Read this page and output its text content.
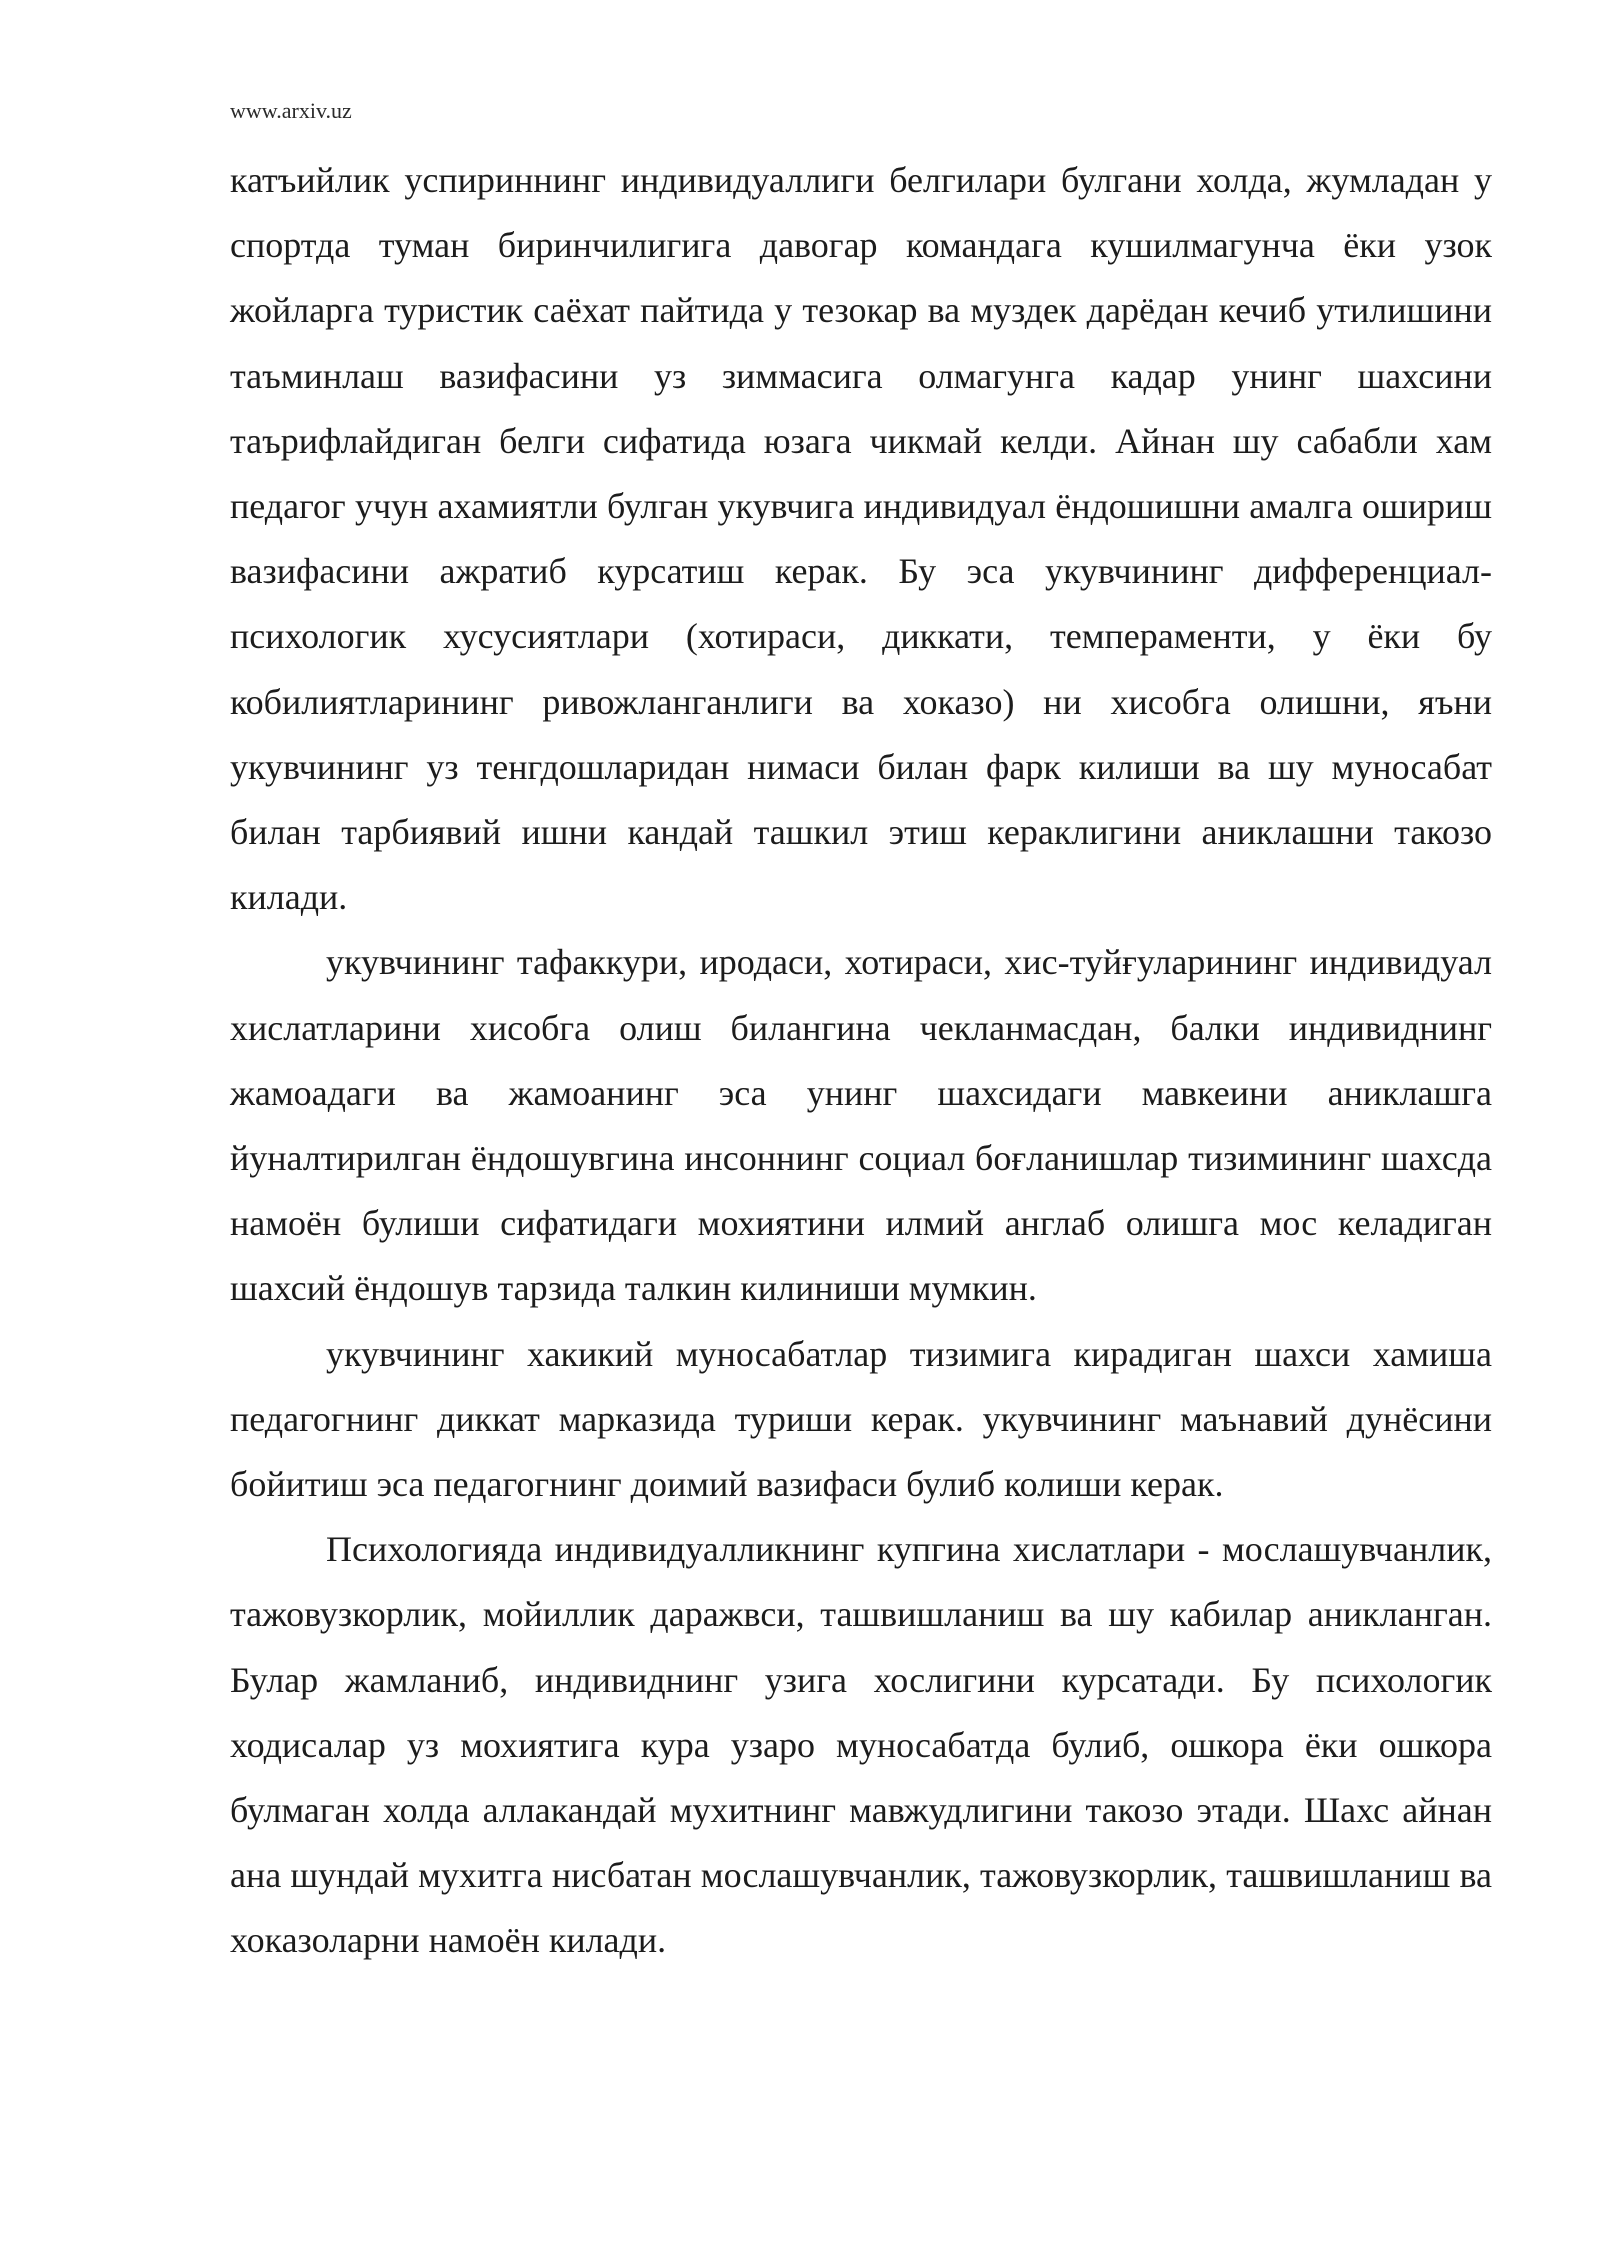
www.arxiv.uz

катъийлик успириннинг индивидуаллиги белгилари булгани холда, жумладан у спортда туман биринчилигига давогар командага кушилмагунча ёки узок жойларга туристик саёхат пайтида у тезокар ва муздек дарёдан кечиб утилишини таъминлаш вазифасини уз зиммасига олмагунга кадар унинг шахсини таърифлайдиган белги сифатида юзага чикмай келди. Айнан шу сабабли хам педагог учун ахамиятли булган укувчига индивидуал ёндошишни амалга ошириш вазифасини ажратиб курсатиш керак. Бу эса укувчининг дифференциал-психологик хусусиятлари (хотираси, диккати, темпераменти, у ёки бу кобилиятларининг ривожланганлиги ва хоказо) ни хисобга олишни, яъни укувчининг уз тенгдошларидан нимаси билан фарк килиши ва шу муносабат билан тарбиявий ишни кандай ташкил этиш кераклигини аниклашни такозо килади.

укувчининг тафаккури, иродаси, хотираси, хис-туйғуларининг индивидуал хислатларини хисобга олиш билангина чекланмасдан, балки индивиднинг жамоадаги ва жамоанинг эса унинг шахсидаги мавкеини аниклашга йуналтирилган ёндошувгина инсоннинг социал боғланишлар тизимининг шахсда намоён булиши сифатидаги мохиятини илмий англаб олишга мос келадиган шахсий ёндошув тарзида талкин килиниши мумкин.

укувчининг хакикий муносабатлар тизимига кирадиган шахси хамиша педагогнинг диккат марказида туриши керак. укувчининг маънавий дунёсини бойитиш эса педагогнинг доимий вазифаси булиб колиши керак.

Психологияда индивидуалликнинг купгина хислатлари - мослашувчанлик, тажовузкорлик, мойиллик даражвси, ташвишланиш ва шу кабилар аникланган. Булар жамланиб, индивиднинг узига хослигини курсатади. Бу психологик ходисалар уз мохиятига кура узаро муносабатда булиб, ошкора ёки ошкора булмаган холда аллакандай мухитнинг мавжудлигини такозо этади. Шахс айнан ана шундай мухитга нисбатан мослашувчанлик, тажовузкорлик, ташвишланиш ва хоказоларни намоён килади.
